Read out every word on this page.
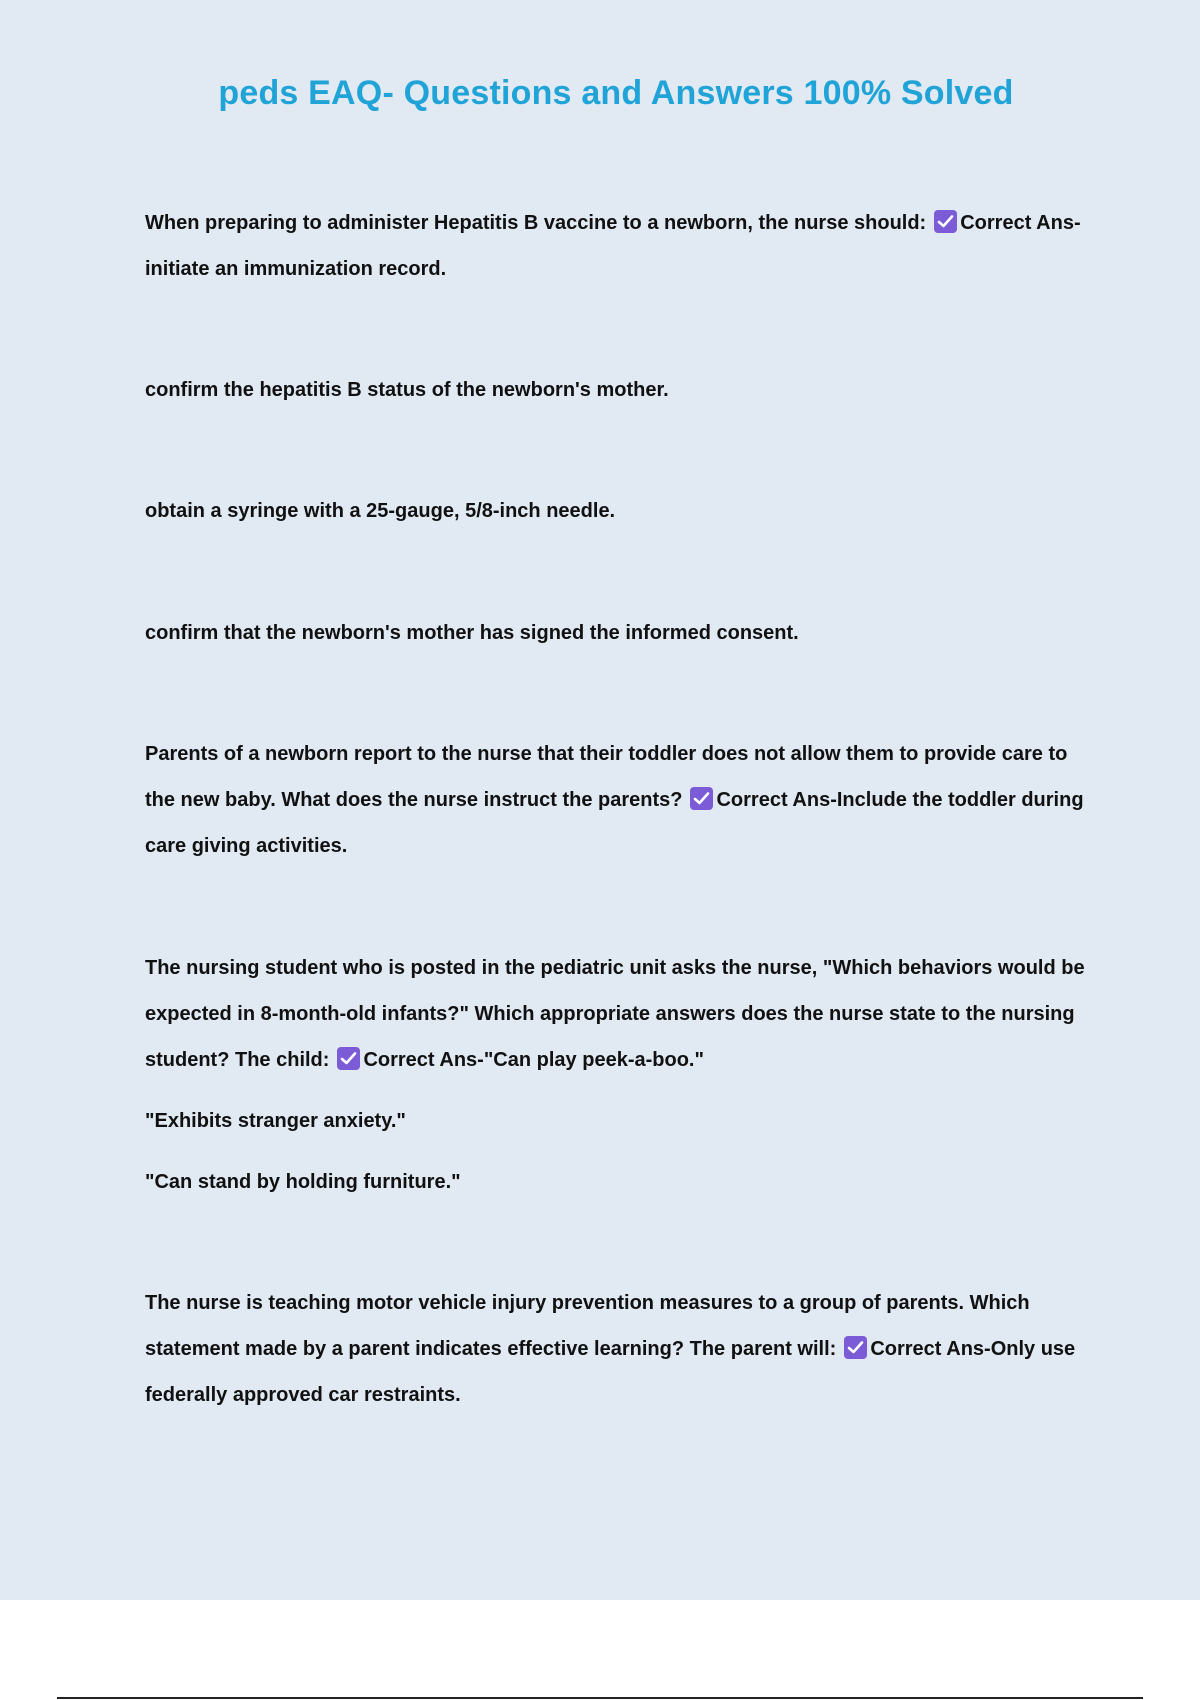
peds EAQ- Questions and Answers 100% Solved
When preparing to administer Hepatitis B vaccine to a newborn, the nurse should: Correct Ans-initiate an immunization record.
confirm the hepatitis B status of the newborn's mother.
obtain a syringe with a 25-gauge, 5/8-inch needle.
confirm that the newborn's mother has signed the informed consent.
Parents of a newborn report to the nurse that their toddler does not allow them to provide care to the new baby. What does the nurse instruct the parents? Correct Ans-Include the toddler during care giving activities.
The nursing student who is posted in the pediatric unit asks the nurse, "Which behaviors would be expected in 8-month-old infants?" Which appropriate answers does the nurse state to the nursing student? The child: Correct Ans-"Can play peek-a-boo."
"Exhibits stranger anxiety."
"Can stand by holding furniture."
The nurse is teaching motor vehicle injury prevention measures to a group of parents. Which statement made by a parent indicates effective learning? The parent will: Correct Ans-Only use federally approved car restraints.
